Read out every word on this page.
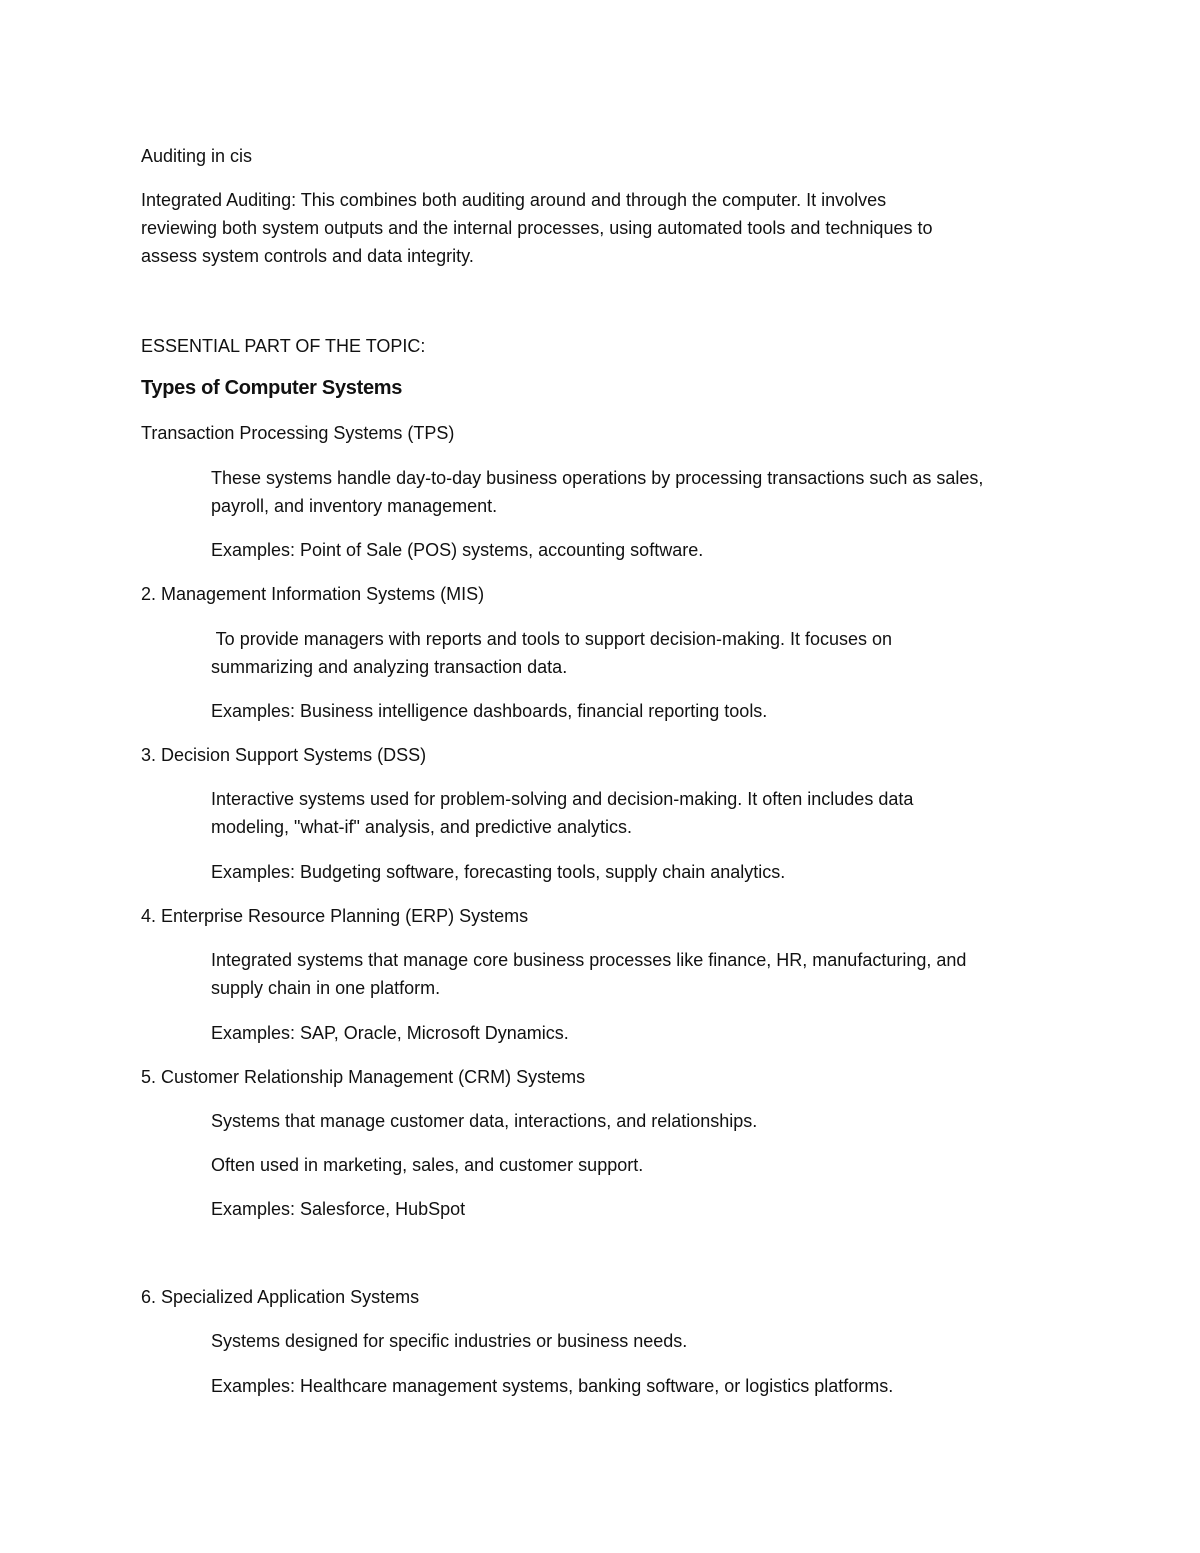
Auditing in cis
Integrated Auditing: This combines both auditing around and through the computer. It involves
reviewing both system outputs and the internal processes, using automated tools and techniques to
assess system controls and data integrity.
ESSENTIAL PART OF THE TOPIC:
Types of Computer Systems
Transaction Processing Systems (TPS)
These systems handle day-to-day business operations by processing transactions such as sales,
payroll, and inventory management.
Examples: Point of Sale (POS) systems, accounting software.
2. Management Information Systems (MIS)
To provide managers with reports and tools to support decision-making. It focuses on
summarizing and analyzing transaction data.
Examples: Business intelligence dashboards, financial reporting tools.
3. Decision Support Systems (DSS)
Interactive systems used for problem-solving and decision-making. It often includes data
modeling, "what-if" analysis, and predictive analytics.
Examples: Budgeting software, forecasting tools, supply chain analytics.
4. Enterprise Resource Planning (ERP) Systems
Integrated systems that manage core business processes like finance, HR, manufacturing, and
supply chain in one platform.
Examples: SAP, Oracle, Microsoft Dynamics.
5. Customer Relationship Management (CRM) Systems
Systems that manage customer data, interactions, and relationships.
Often used in marketing, sales, and customer support.
Examples: Salesforce, HubSpot
6. Specialized Application Systems
Systems designed for specific industries or business needs.
Examples: Healthcare management systems, banking software, or logistics platforms.
